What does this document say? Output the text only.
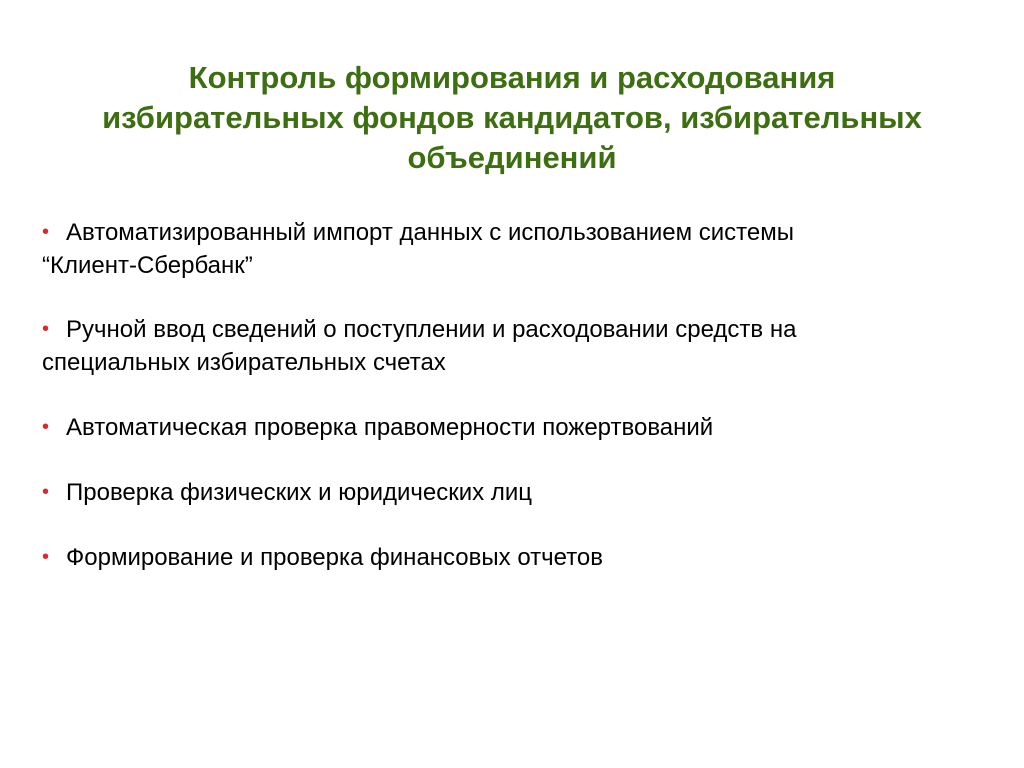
Контроль формирования и расходования
избирательных фондов кандидатов, избирательных
объединений
• Автоматизированный импорт данных с использованием системы
“Клиент-Сбербанк”
• Ручной ввод сведений о поступлении и расходовании средств на
специальных избирательных счетах
• Автоматическая проверка правомерности пожертвований
• Проверка физических и юридических лиц
• Формирование и проверка финансовых отчетов
